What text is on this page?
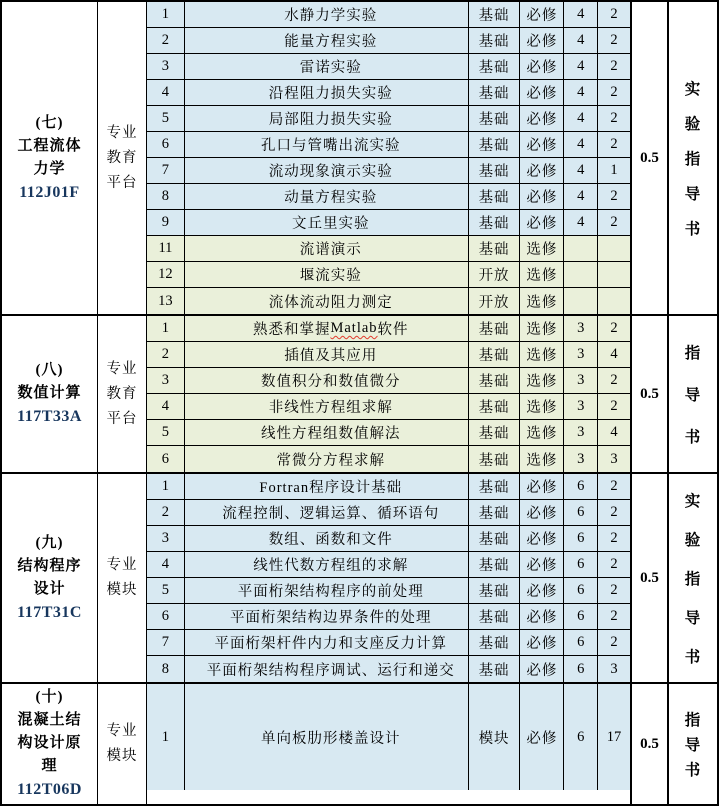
(七)
工程流体
力学
112J01F
专业
教育
平台
1	水静力学实验	基础	必修	4	2
2	能量方程实验	基础	必修	4	2
3	雷诺实验	基础	必修	4	2
4	沿程阻力损失实验	基础	必修	4	2
5	局部阻力损失实验	基础	必修	4	2
6	孔口与管嘴出流实验	基础	必修	4	2
7	流动现象演示实验	基础	必修	4	1
8	动量方程实验	基础	必修	4	2
9	文丘里实验	基础	必修	4	2
11	流谱演示	基础	选修
12	堰流实验	开放	选修
13	流体流动阻力测定	开放	选修
0.5
实
验
指
导
书
(八)
数值计算
117T33A
专业
教育
平台
1	熟悉和掌握 Matlab 软件	基础	选修	3	2
2	插值及其应用	基础	选修	3	4
3	数值积分和数值微分	基础	选修	3	2
4	非线性方程组求解	基础	选修	3	2
5	线性方程组数值解法	基础	选修	3	4
6	常微分方程求解	基础	选修	3	3
0.5
指
导
书
(九)
结构程序
设计
117T31C
专业
模块
1	Fortran程序设计基础	基础	必修	6	2
2	流程控制、逻辑运算、循环语句	基础	必修	6	2
3	数组、函数和文件	基础	必修	6	2
4	线性代数方程组的求解	基础	必修	6	2
5	平面桁架结构程序的前处理	基础	必修	6	2
6	平面桁架结构边界条件的处理	基础	必修	6	2
7	平面桁架杆件内力和支座反力计算	基础	必修	6	2
8	平面桁架结构程序调试、运行和递交	基础	必修	6	3
0.5
实
验
指
导
书
(十)
混凝土结
构设计原
理
112T06D
专业
模块
1	单向板肋形楼盖设计	模块	必修	6	17	0.5
指
导
书
